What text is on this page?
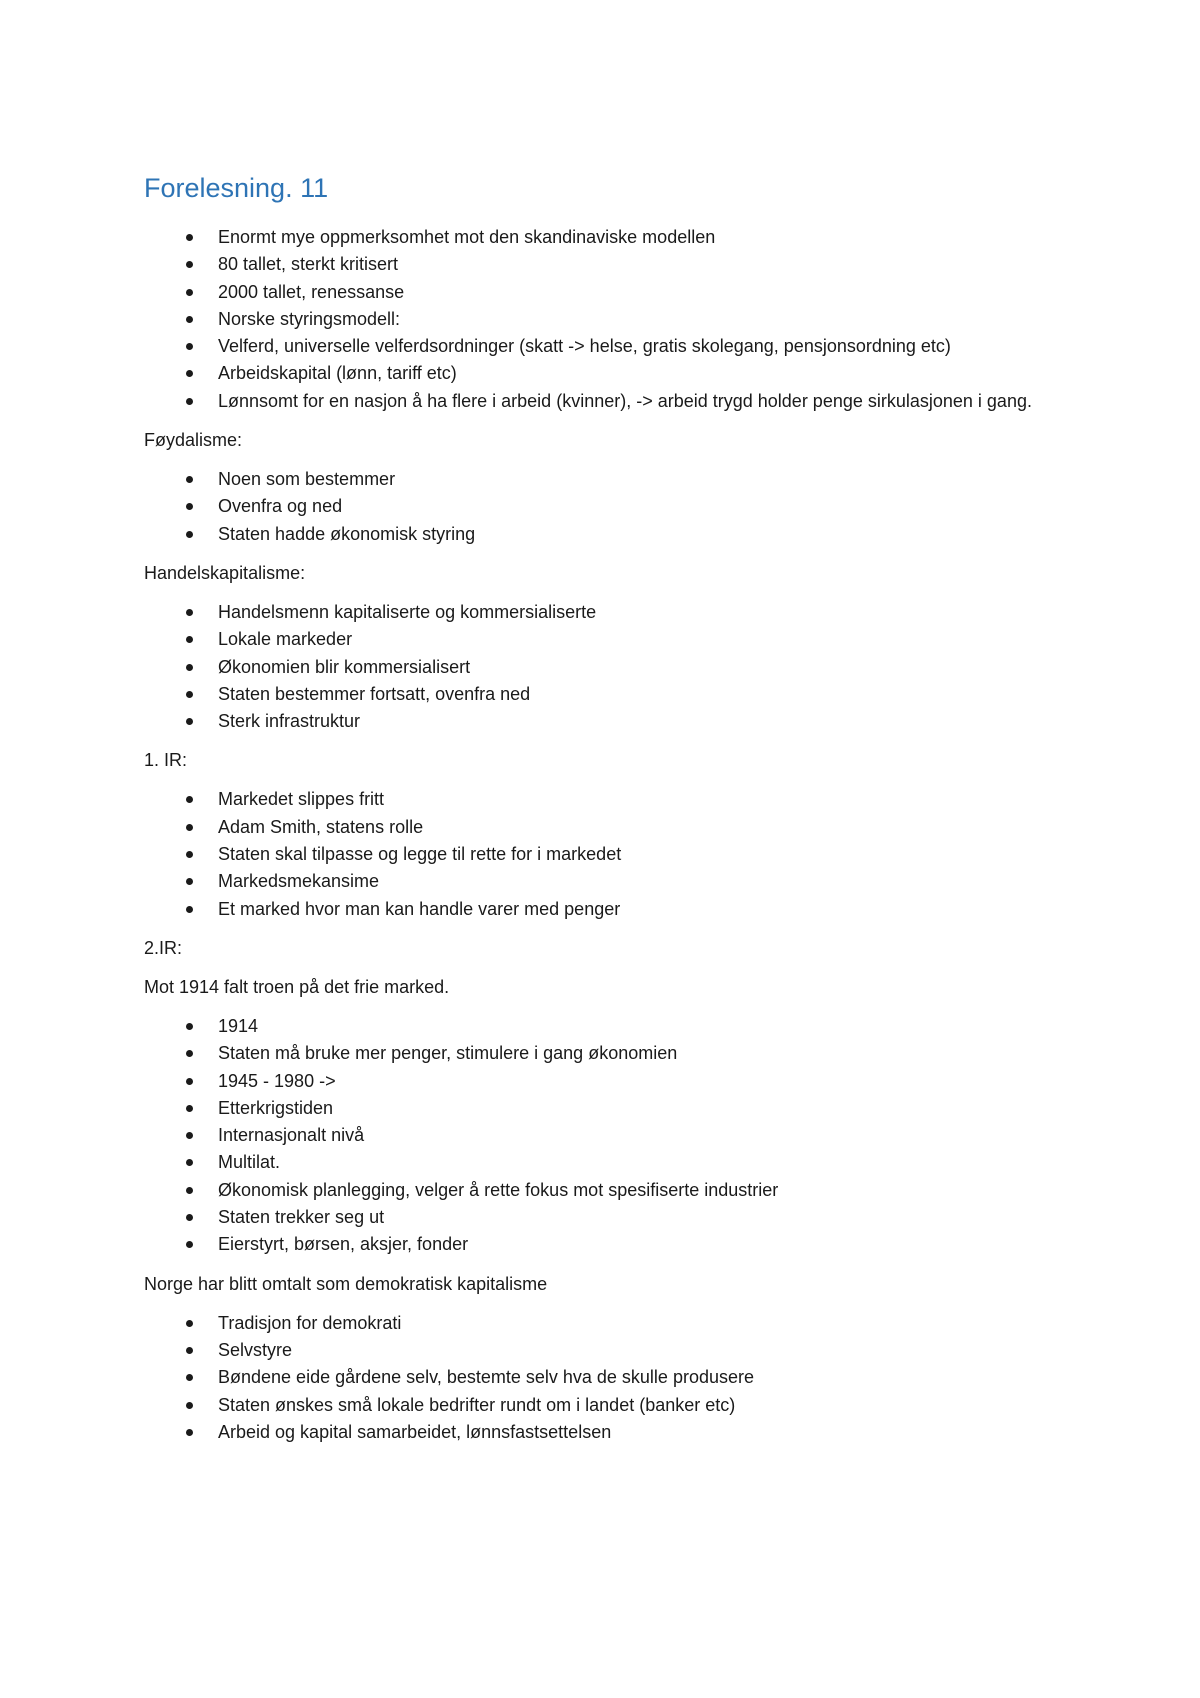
Forelesning. 11
Enormt mye oppmerksomhet mot den skandinaviske modellen
80 tallet, sterkt kritisert
2000 tallet, renessanse
Norske styringsmodell:
Velferd, universelle velferdsordninger (skatt -> helse, gratis skolegang, pensjonsordning etc)
Arbeidskapital (lønn, tariff etc)
Lønnsomt for en nasjon å ha flere i arbeid (kvinner), -> arbeid trygd holder penge sirkulasjonen i gang.
Føydalisme:
Noen som bestemmer
Ovenfra og ned
Staten hadde økonomisk styring
Handelskapitalisme:
Handelsmenn kapitaliserte og kommersialiserte
Lokale markeder
Økonomien blir kommersialisert
Staten bestemmer fortsatt, ovenfra ned
Sterk infrastruktur
1. IR:
Markedet slippes fritt
Adam Smith, statens rolle
Staten skal tilpasse og legge til rette for i markedet
Markedsmekansime
Et marked hvor man kan handle varer med penger
2.IR:
Mot 1914 falt troen på det frie marked.
1914
Staten må bruke mer penger, stimulere i gang økonomien
1945 - 1980 ->
Etterkrigstiden
Internasjonalt nivå
Multilat.
Økonomisk planlegging, velger å rette fokus mot spesifiserte industrier
Staten trekker seg ut
Eierstyrt, børsen, aksjer, fonder
Norge har blitt omtalt som demokratisk kapitalisme
Tradisjon for demokrati
Selvstyre
Bøndene eide gårdene selv, bestemte selv hva de skulle produsere
Staten ønskes små lokale bedrifter rundt om i landet (banker etc)
Arbeid og kapital samarbeidet, lønnsfastsettelsen
